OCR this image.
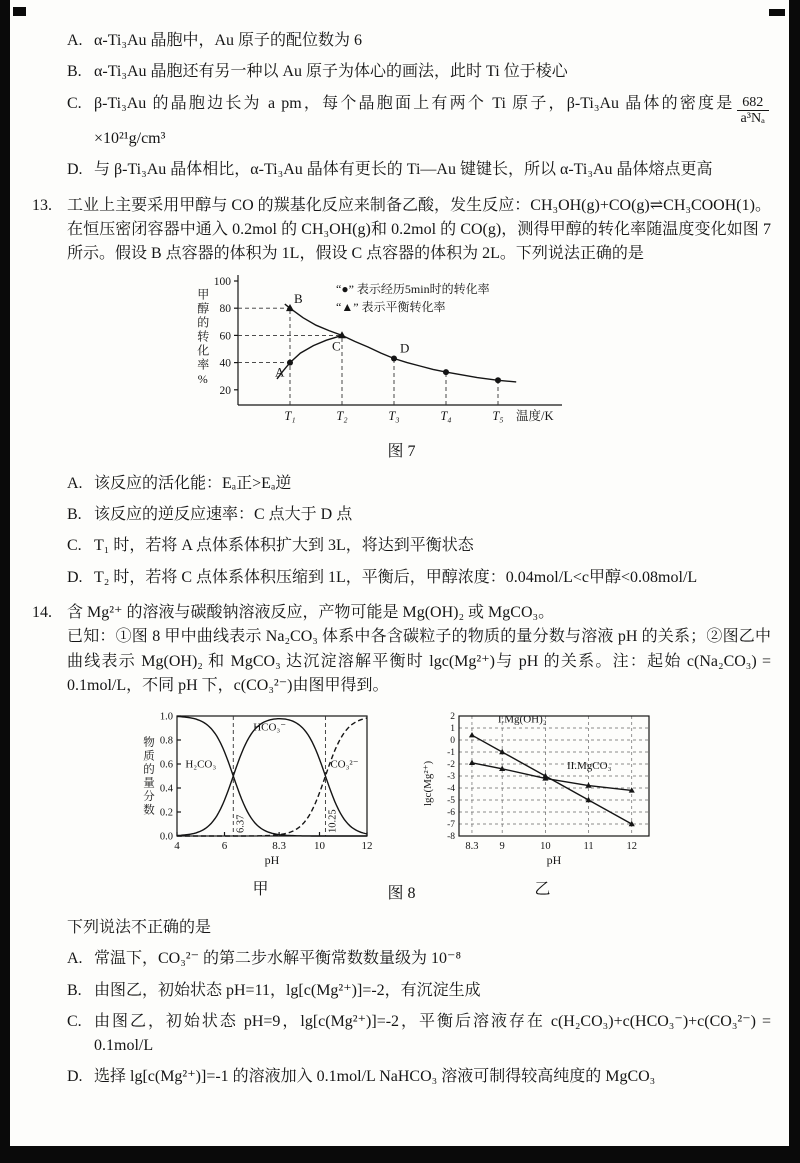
A. α-Ti₃Au 晶胞中，Au 原子的配位数为 6
B. α-Ti₃Au 晶胞还有另一种以 Au 原子为体心的画法，此时 Ti 位于棱心
C. β-Ti₃Au 的晶胞边长为 a pm，每个晶胞面上有两个 Ti 原子，β-Ti₃Au 晶体的密度是 $\frac{682}{\text{a³Nₐ}}$
×10²¹g/cm³
D. 与 β-Ti₃Au 晶体相比，α-Ti₃Au 晶体有更长的 Ti—Au 键键长，所以 α-Ti₃Au 晶体熔点更高
13. 工业上主要采用甲醇与 CO 的羰基化反应来制备乙酸，发生反应：CH₃OH(g)+CO(g)⇌CH₃COOH(1)。在恒压密闭容器中通入 0.2mol 的 CH₃OH(g)和 0.2mol 的 CO(g)，测得甲醇的转化率随温度变化如图 7 所示。假设 B 点容器的体积为 1L，假设 C 点容器的体积为 2L。下列说法正确的是
甲醇的转化率%
100
80
60
40
20
T₁	T₂	T₃	T₄	T₅ 温度/K
A
B
C	D
“●” 表示经历5min时的转化率
“▲” 表示平衡转化率
图 7
A. 该反应的活化能：Eₐ正>Eₐ逆
B. 该反应的逆反应速率：C 点大于 D 点
C. T₁ 时，若将 A 点体系体积扩大到 3L，将达到平衡状态
D. T₂ 时，若将 C 点体系体积压缩到 1L，平衡后，甲醇浓度：0.04mol/L<c甲醇<0.08mol/L
14. 含 Mg²⁺ 的溶液与碳酸钠溶液反应，产物可能是 Mg(OH)₂ 或 MgCO₃。
已知：①图 8 甲中曲线表示 Na₂CO₃ 体系中各含碳粒子的物质的量分数与溶液 pH 的关系；②图乙中曲线表示 Mg(OH)₂ 和 MgCO₃ 达沉淀溶解平衡时 lgc(Mg²⁺)与 pH 的关系。注：起始 c(Na₂CO₃) = 0.1mol/L，不同 pH 下，c(CO₃²⁻)由图甲得到。
物质的量分数
1.0
0.8
0.6
0.4
0.2
0.0
4	6	8.3	10	12
pH
6.37	10.25
H₂CO₃
HCO₃⁻
CO₃²⁻
甲
2
1
0
-1
-2
-3
-4
-5
-6
-7
-8
8.3 9	10	11	12
pH
lgc(Mg²⁺)
I.Mg(OH)₂
II.MgCO₃
乙
图 8
下列说法不正确的是
A. 常温下，CO₃²⁻ 的第二步水解平衡常数数量级为 10⁻⁸
B. 由图乙，初始状态 pH=11，lg[c(Mg²⁺)]=-2，有沉淀生成
C. 由图乙，初始状态 pH=9，lg[c(Mg²⁺)]=-2，平衡后溶液存在 c(H₂CO₃)+c(HCO₃⁻)+c(CO₃²⁻) = 0.1mol/L
D. 选择 lg[c(Mg²⁺)]=-1 的溶液加入 0.1mol/L NaHCO₃ 溶液可制得较高纯度的 MgCO₃
